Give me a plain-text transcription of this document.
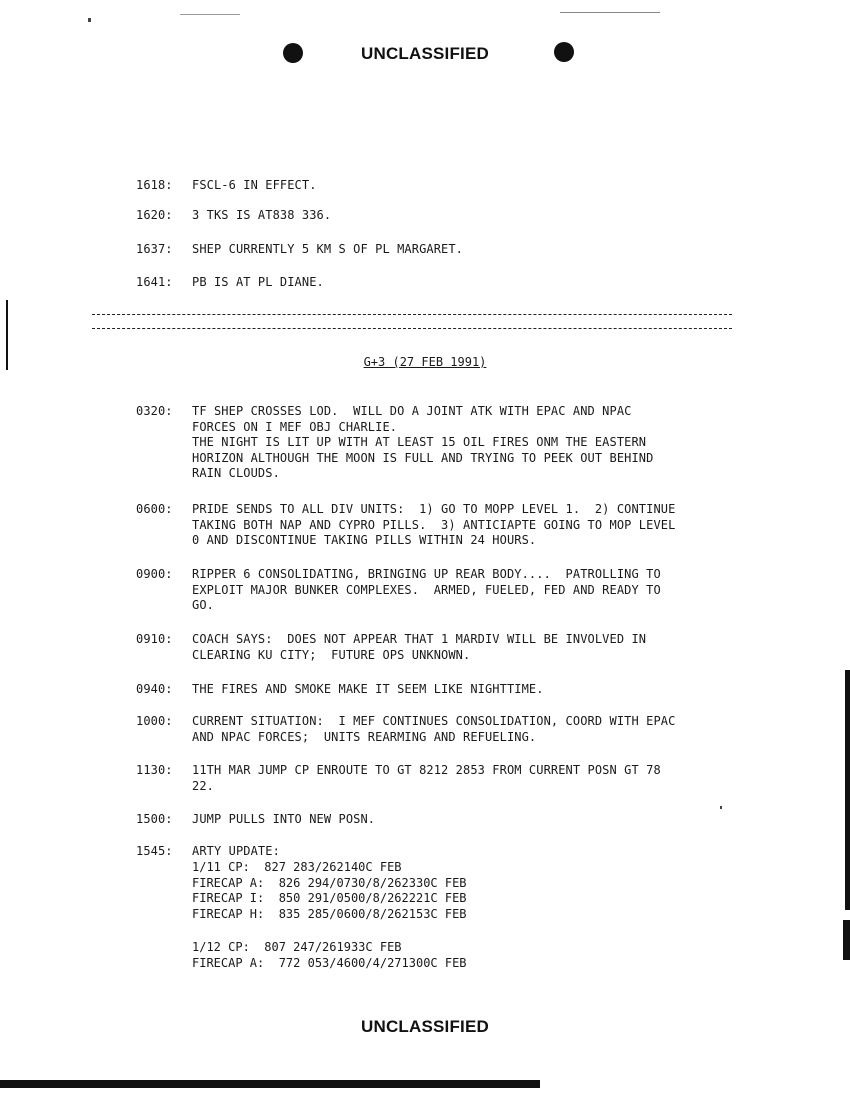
UNCLASSIFIED
1618:	FSCL-6 IN EFFECT.
1620:	3 TKS IS AT838 336.
1637:	SHEP CURRENTLY 5 KM S OF PL MARGARET.
1641:	PB IS AT PL DIANE.
G+3 (27 FEB 1991)
0320:	TF SHEP CROSSES LOD.  WILL DO A JOINT ATK WITH EPAC AND NPAC
FORCES ON I MEF OBJ CHARLIE.
THE NIGHT IS LIT UP WITH AT LEAST 15 OIL FIRES ONM THE EASTERN
HORIZON ALTHOUGH THE MOON IS FULL AND TRYING TO PEEK OUT BEHIND
RAIN CLOUDS.
0600:	PRIDE SENDS TO ALL DIV UNITS:  1) GO TO MOPP LEVEL 1.  2) CONTINUE
TAKING BOTH NAP AND CYPRO PILLS.  3) ANTICIAPTE GOING TO MOP LEVEL
0 AND DISCONTINUE TAKING PILLS WITHIN 24 HOURS.
0900:	RIPPER 6 CONSOLIDATING, BRINGING UP REAR BODY....  PATROLLING TO
EXPLOIT MAJOR BUNKER COMPLEXES.  ARMED, FUELED, FED AND READY TO
GO.
0910:	COACH SAYS:  DOES NOT APPEAR THAT 1 MARDIV WILL BE INVOLVED IN
CLEARING KU CITY;  FUTURE OPS UNKNOWN.
0940:	THE FIRES AND SMOKE MAKE IT SEEM LIKE NIGHTTIME.
1000:	CURRENT SITUATION:  I MEF CONTINUES CONSOLIDATION, COORD WITH EPAC
AND NPAC FORCES;  UNITS REARMING AND REFUELING.
1130:	11TH MAR JUMP CP ENROUTE TO GT 8212 2853 FROM CURRENT POSN GT 78
22.
1500:	JUMP PULLS INTO NEW POSN.
1545:	ARTY UPDATE:
1/11 CP:  827 283/262140C FEB
FIRECAP A:  826 294/0730/8/262330C FEB
FIRECAP I:  850 291/0500/8/262221C FEB
FIRECAP H:  835 285/0600/8/262153C FEB
1/12 CP:  807 247/261933C FEB
FIRECAP A:  772 053/4600/4/271300C FEB
UNCLASSIFIED
